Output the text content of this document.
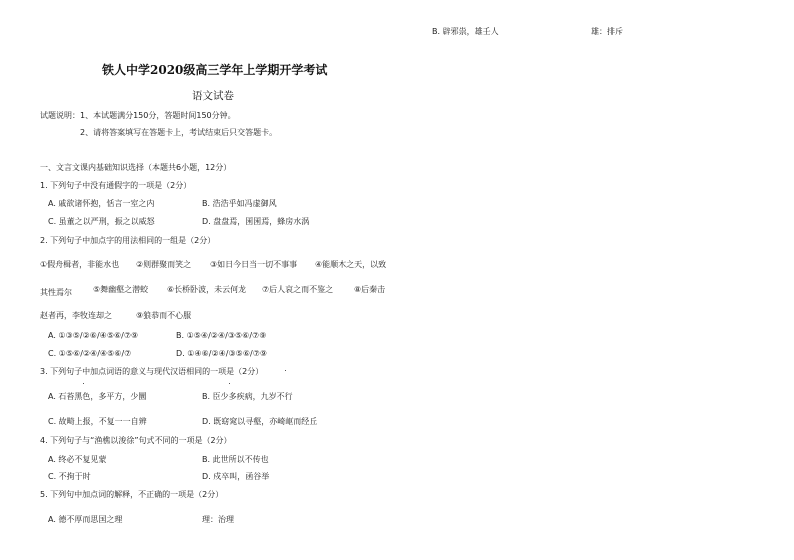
B. 辟邪祟，雄壬人	雄：排斥
铁人中学2020级高三学年上学期开学考试
语文试卷
试题说明：1、本试题满分150分，答题时间150分钟。
2、请将答案填写在答题卡上，考试结束后只交答题卡。
一、文言文课内基础知识选择（本题共6小题，12分）
1. 下列句子中没有通假字的一项是（2分）
A. 戚欲诸怀抱，恬言一室之内	B. 浩浩乎如冯虚御风
C. 虽董之以严刑，振之以威怒	D. 盘盘焉，囷囷焉，蜂房水涡
2. 下列句子中加点字的用法相同的一组是（2分）
①假舟楫者，非能水也 ②则群聚而笑之 ③如日今日当一切不事事 ④能顺木之天，以致
其性焉尔	⑤舞幽壑之潜蛟 ⑥长桥卧波，未云何龙 ⑦后人哀之而不鉴之	⑧后秦击
赵者再，李牧连却之	⑨狼恭而不心服
A. ①③⑤/②⑥/④⑤⑥/⑦⑨	B. ①⑤④/②④/③⑤⑥/⑦⑨
C. ①⑤⑥/②④/④⑤⑥/⑦	D. ①④⑥/②④/③⑤⑥/⑦⑨
3. 下列句子中加点词语的意义与现代汉语相同的一项是（2分）
A. 石苔黑色，多平方，少圜	B. 臣少多疾病，九岁不行
C. 故畸上报，不复一一自辨	D. 既窈窕以寻壑，亦崎岖而经丘
4. 下列句子与“渔樵以浚徐”句式不同的一项是（2分）
A. 终必不复见蒙	B. 此世所以不传也
C. 不拘于时	D. 戍卒叫，函谷举
5. 下列句中加点词的解释，不正确的一项是（2分）
A. 德不厚而思国之理	理：治理
